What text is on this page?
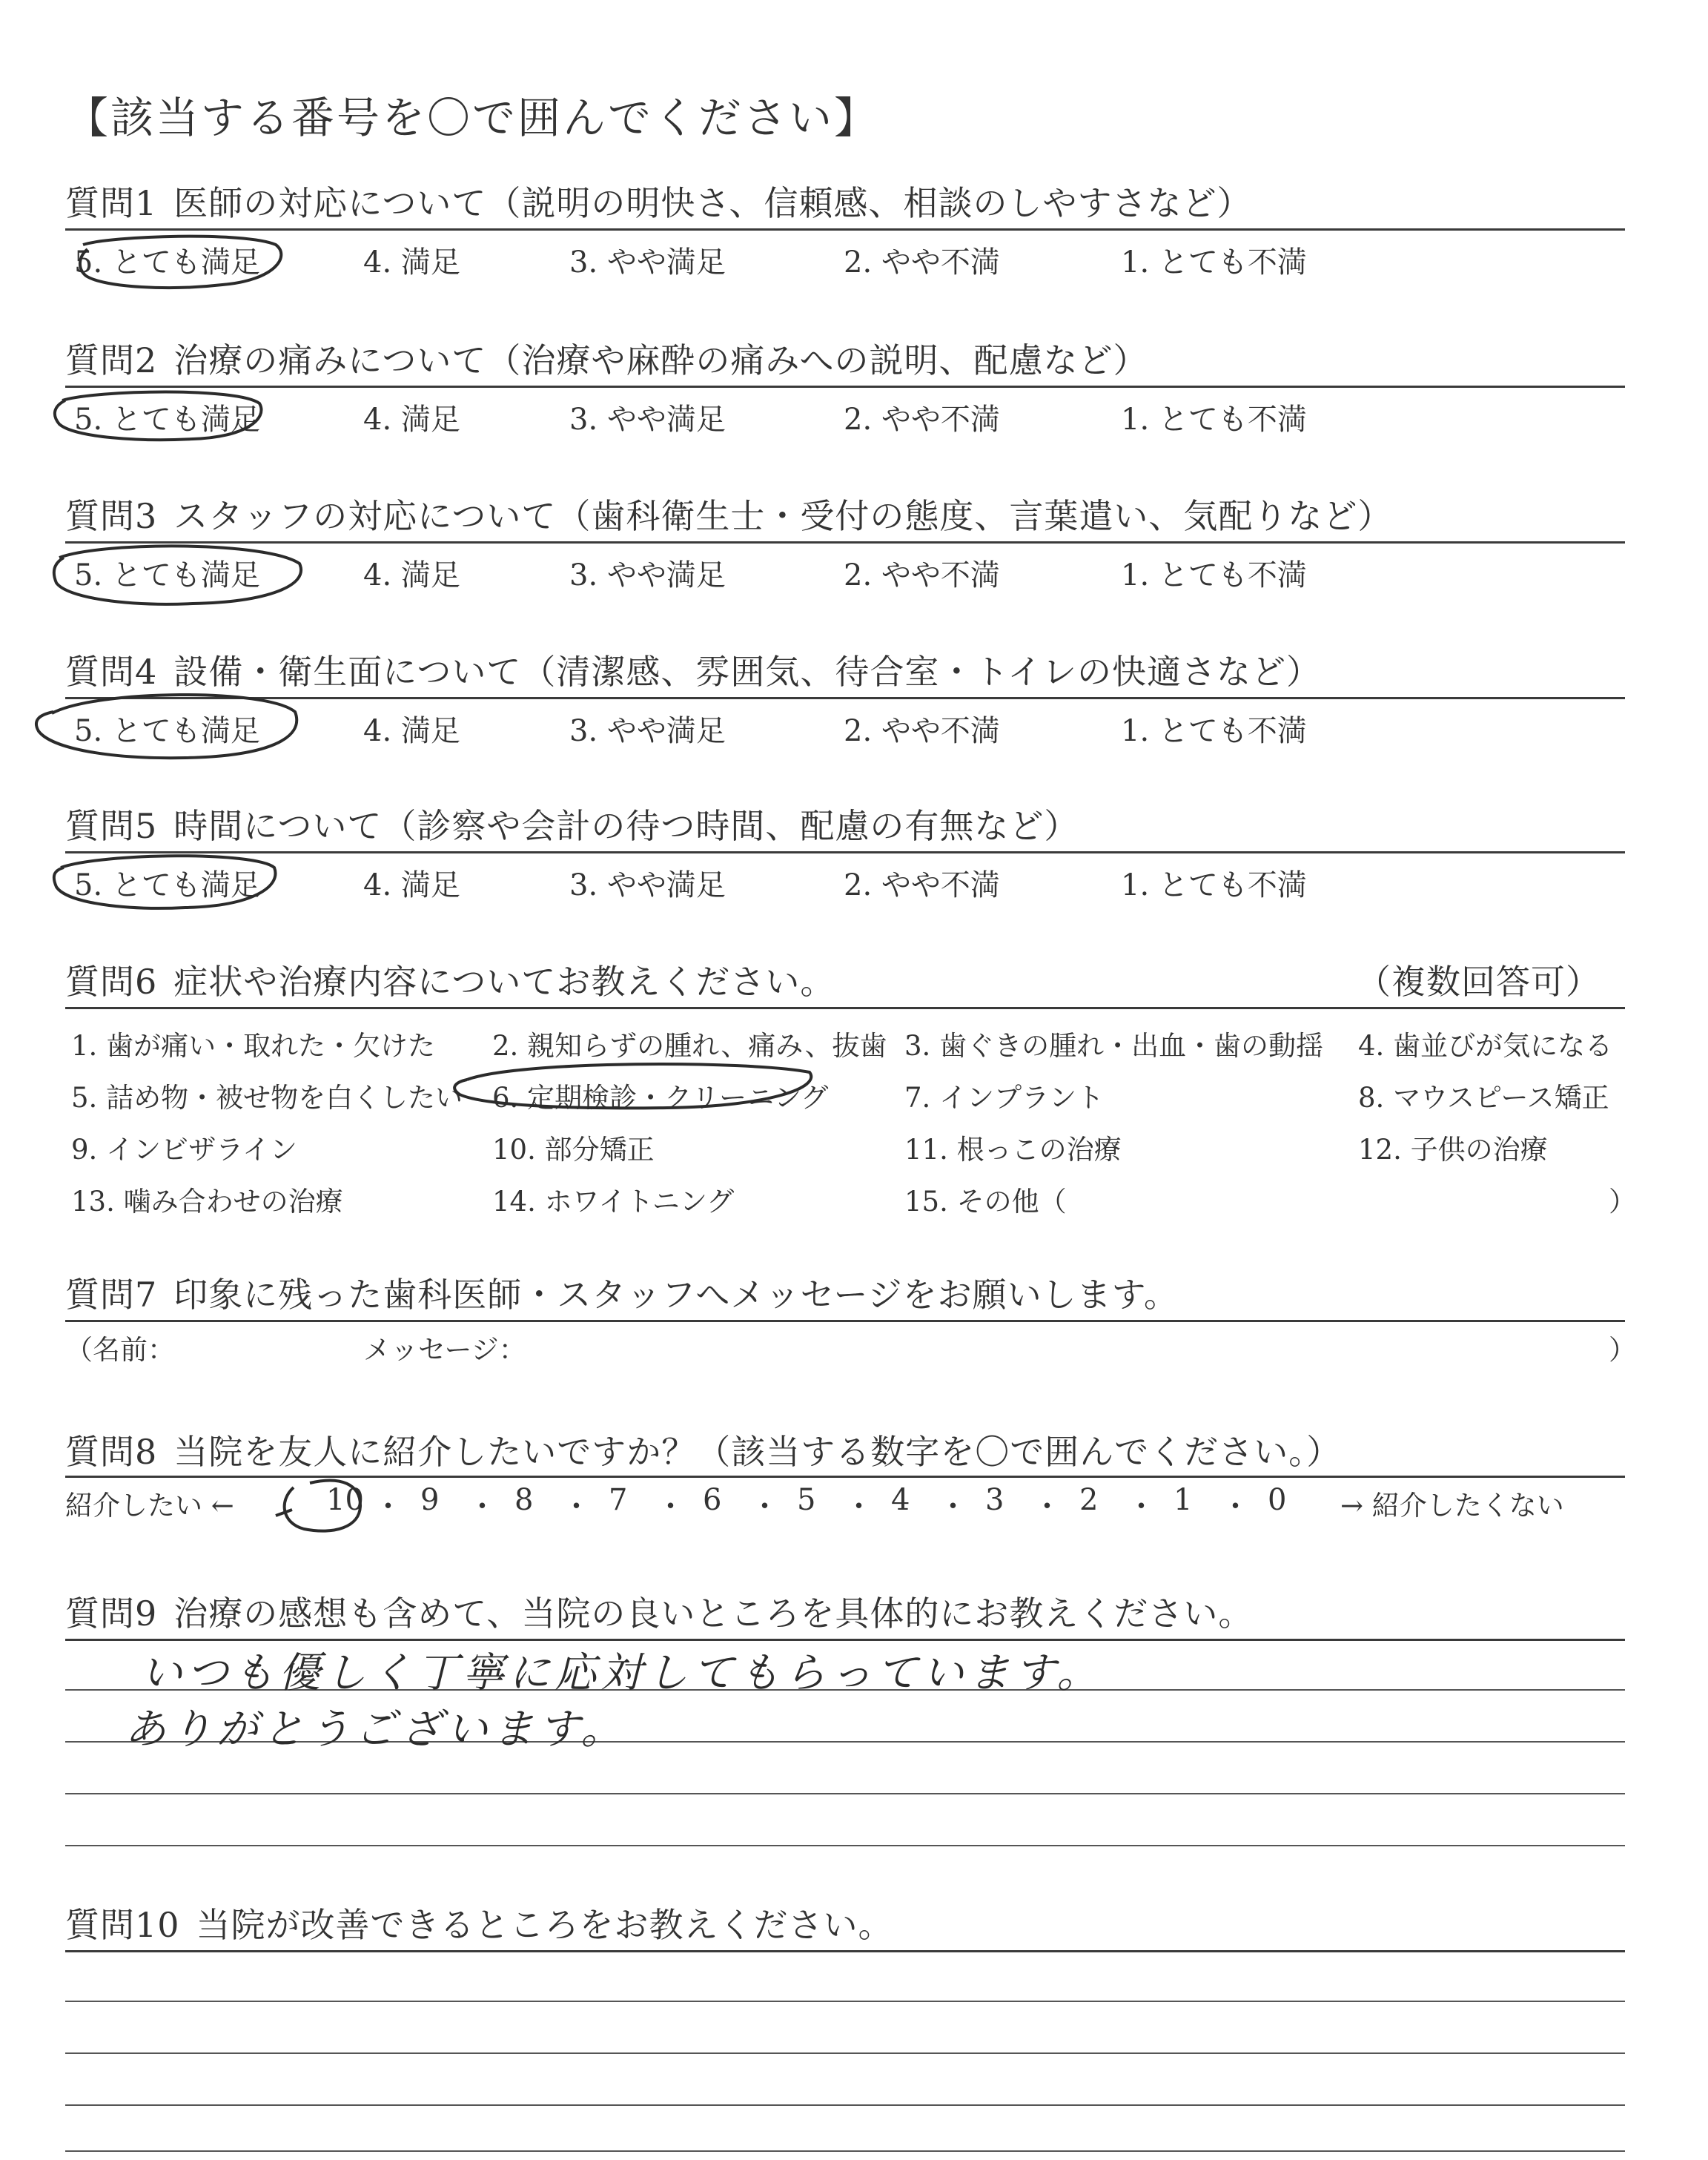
【該当する番号を〇で囲んでください】
質問1 医師の対応について（説明の明快さ、信頼感、相談のしやすさなど）
5. とても満足	4. 満足	3. やや満足	2. やや不満	1. とても不満
質問2 治療の痛みについて（治療や麻酔の痛みへの説明、配慮など）
5. とても満足	4. 満足	3. やや満足	2. やや不満	1. とても不満
質問3 スタッフの対応について（歯科衛生士・受付の態度、言葉遣い、気配りなど）
5. とても満足	4. 満足	3. やや満足	2. やや不満	1. とても不満
質問4 設備・衛生面について（清潔感、雰囲気、待合室・トイレの快適さなど）
5. とても満足	4. 満足	3. やや満足	2. やや不満	1. とても不満
質問5 時間について（診察や会計の待つ時間、配慮の有無など）
5. とても満足	4. 満足	3. やや満足	2. やや不満	1. とても不満
質問6 症状や治療内容についてお教えください。	（複数回答可）
1. 歯が痛い・取れた・欠けた 2. 親知らずの腫れ、痛み、抜歯 3. 歯ぐきの腫れ・出血・歯の動揺 4. 歯並びが気になる
5. 詰め物・被せ物を白くしたい 6. 定期検診・クリーニング	7. インプラント	8. マウスピース矯正
9. インビザライン	10. 部分矯正	11. 根っこの治療	12. 子供の治療
13. 噛み合わせの治療	14. ホワイトニング	15. その他（	）
質問7 印象に残った歯科医師・スタッフへメッセージをお願いします。
（名前：	メッセージ：	）
質問8 当院を友人に紹介したいですか？（該当する数字を〇で囲んでください。）
紹介したい ←	10 ・ 9 ・ 8 ・ 7 ・ 6 ・ 5 ・ 4 ・ 3 ・ 2 ・ 1 ・ 0 → 紹介したくない
質問9 治療の感想も含めて、当院の良いところを具体的にお教えください。
いつも優しく丁寧に応対してもらっています。
ありがとうございます。
質問10 当院が改善できるところをお教えください。
